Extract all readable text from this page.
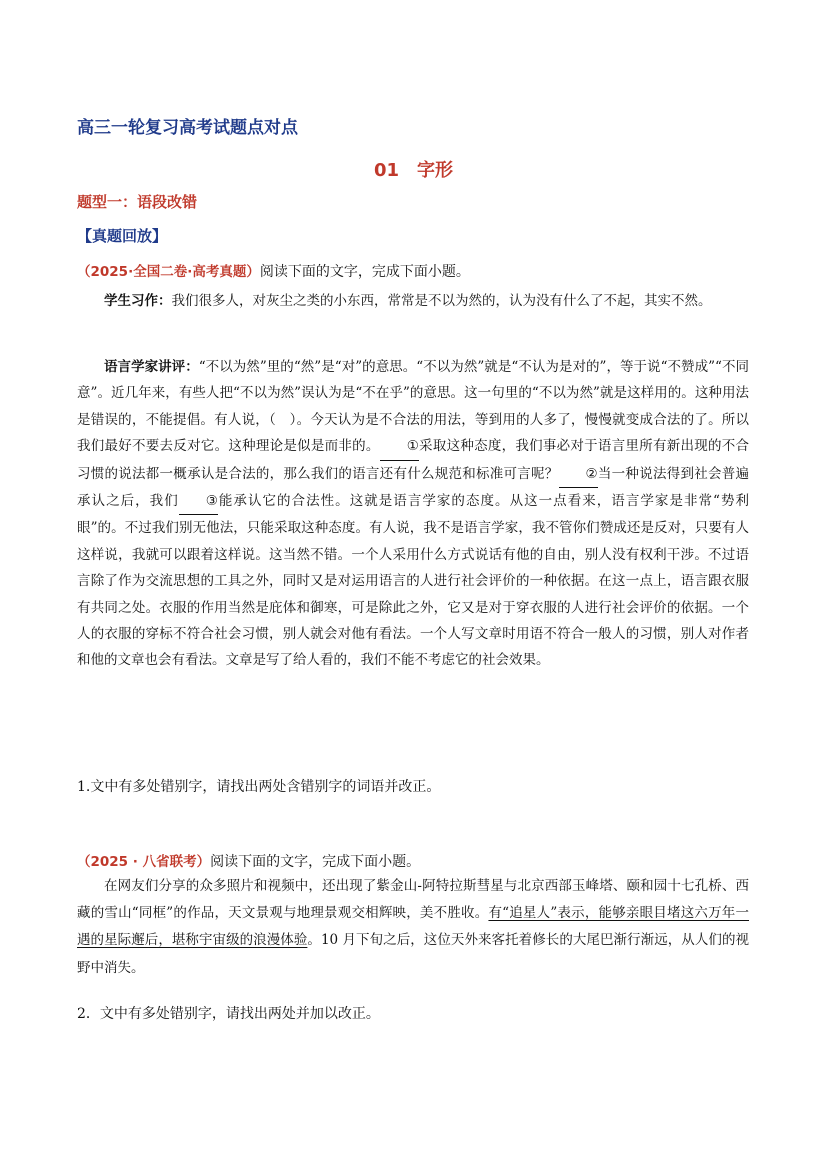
高三一轮复习高考试题点对点
01　字形
题型一：语段改错
【真题回放】
（2025·全国二卷·高考真题）阅读下面的文字，完成下面小题。
学生习作：我们很多人，对灰尘之类的小东西，常常是不以为然的，认为没有什么了不起，其实不然。
语言学家讲评：“不以为然”里的“然”是“对”的意思。“不以为然”就是“不认为是对的”，等于说“不赞成”“不同意”。近几年来，有些人把“不以为然”误认为是“不在乎”的意思。这一句里的“不以为然”就是这样用的。这种用法是错误的，不能提倡。有人说，（　）。今天认为是不合法的用法，等到用的人多了，慢慢就变成合法的了。所以我们最好不要去反对它。这种理论是似是而非的。 ①采取这种态度，我们事必对于语言里所有新出现的不合习惯的说法都一概承认是合法的，那么我们的语言还有什么规范和标准可言呢？ ②当一种说法得到社会普遍承认之后，我们 ③能承认它的合法性。这就是语言学家的态度。从这一点看来，语言学家是非常“势利眼”的。不过我们别无他法，只能采取这种态度。有人说，我不是语言学家，我不管你们赞成还是反对，只要有人这样说，我就可以跟着这样说。这当然不错。一个人采用什么方式说话有他的自由，别人没有权利干涉。不过语言除了作为交流思想的工具之外，同时又是对运用语言的人进行社会评价的一种依据。在这一点上，语言跟衣服有共同之处。衣服的作用当然是庇体和御寒，可是除此之外，它又是对于穿衣服的人进行社会评价的依据。一个人的衣服的穿标不符合社会习惯，别人就会对他有看法。一个人写文章时用语不符合一般人的习惯，别人对作者和他的文章也会有看法。文章是写了给人看的，我们不能不考虑它的社会效果。
1.文中有多处错别字，请找出两处含错别字的词语并改正。
（2025 · 八省联考）阅读下面的文字，完成下面小题。
在网友们分享的众多照片和视频中，还出现了紫金山-阿特拉斯彗星与北京西部玉峰塔、颐和园十七孔桥、西藏的雪山“同框”的作品，天文景观与地理景观交相辉映，美不胜收。有“追星人”表示，能够亲眼目堵这六万年一遇的星际邂后，堪称宇宙级的浪漫体验。10 月下旬之后，这位天外来客托着修长的大尾巴渐行渐远，从人们的视野中消失。
2．文中有多处错别字，请找出两处并加以改正。
